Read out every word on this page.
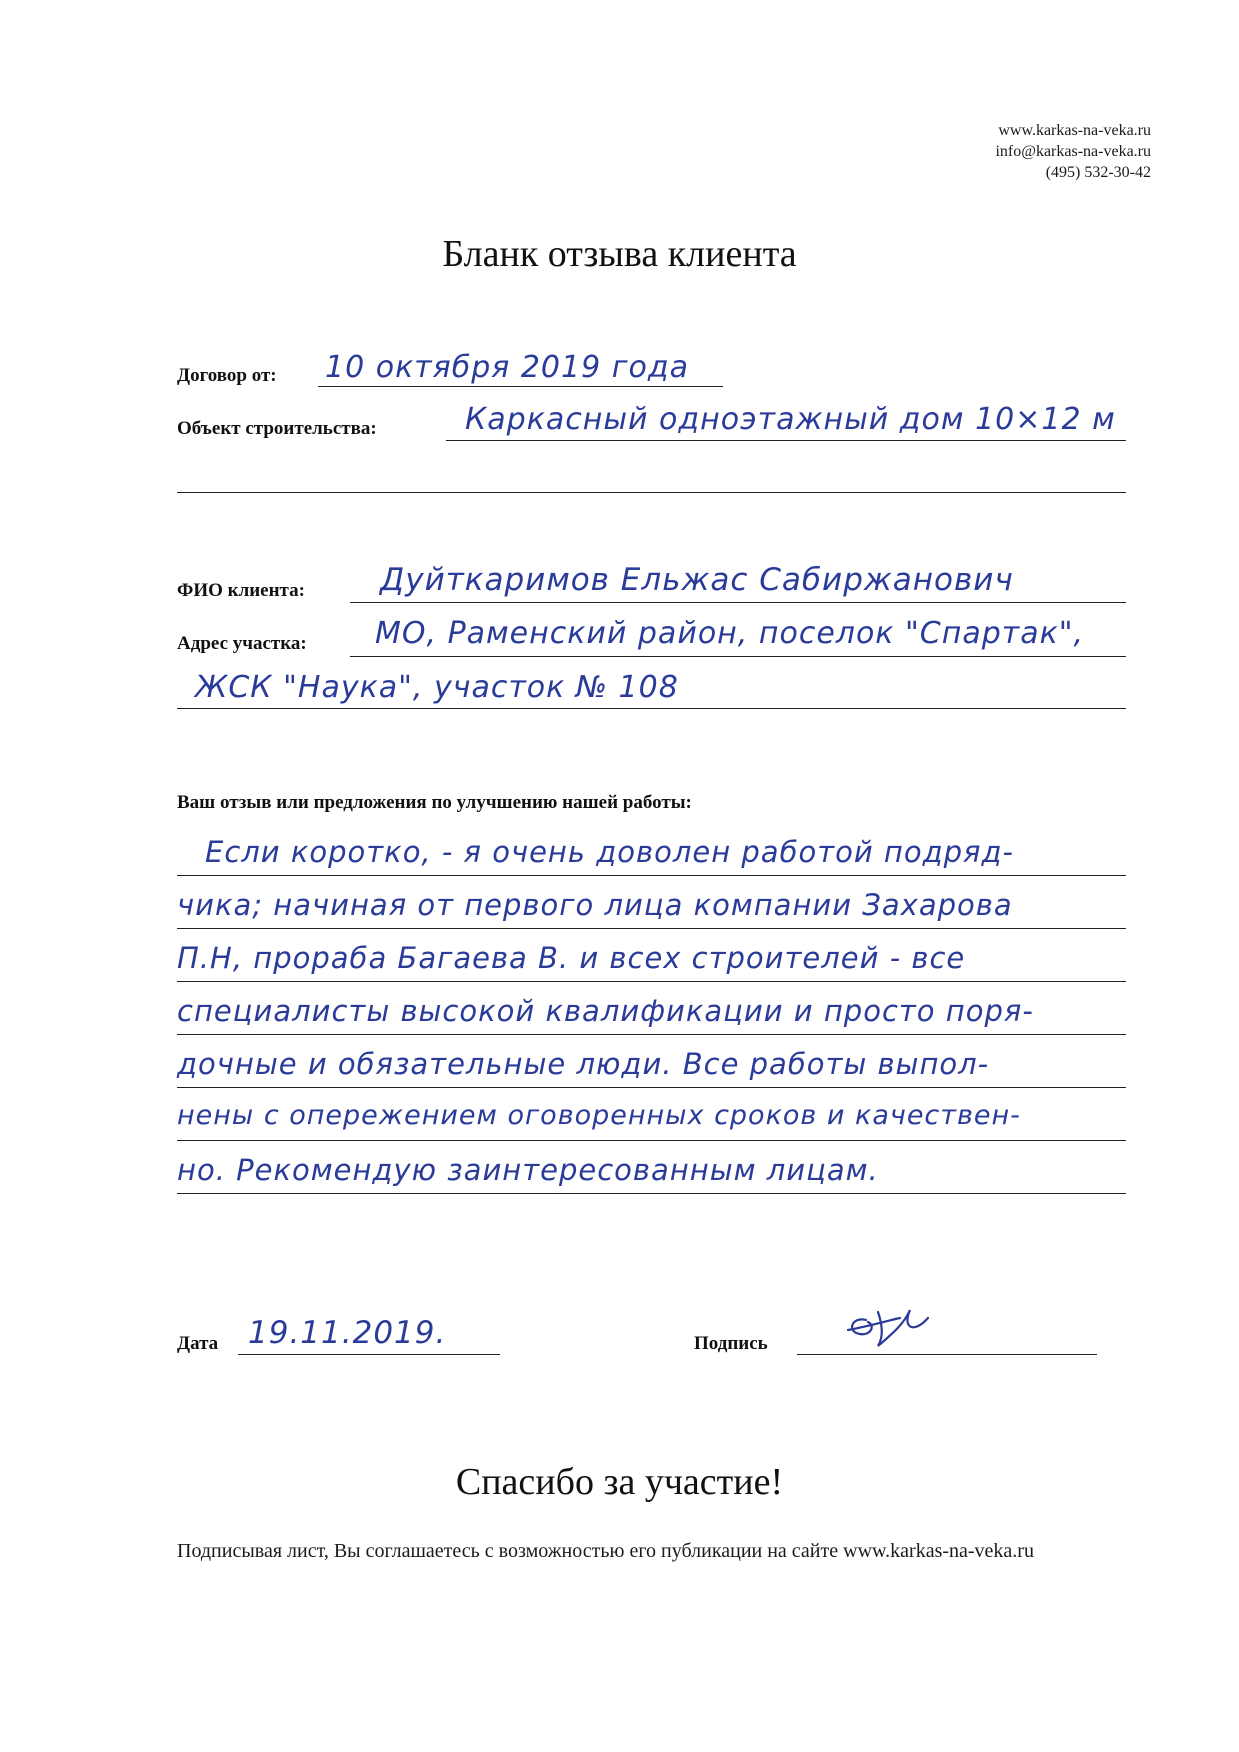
www.karkas-na-veka.ru
info@karkas-na-veka.ru
(495) 532-30-42
Бланк отзыва клиента
Договор от: 10 октября 2019 года
Объект строительства:	Каркасный одноэтажный дом 10×12 м
ФИО клиента: Дуйткаримов Ельжас Сабиржанович
Адрес участка: МО, Раменский район, поселок "Спартак",
ЖСК "Наука", участок № 108
Ваш отзыв или предложения по улучшению нашей работы:
Если коротко, - я очень доволен работой подряд-
чика; начиная от первого лица компании Захарова
П.Н, прораба Багаева В. и всех строителей - все
специалисты высокой квалификации и просто поря-
дочные и обязательные люди. Все работы выпол-
нены с опережением оговоренных сроков и качествен-
но. Рекомендую заинтересованным лицам.
Дата 19.11.2019.	Подпись
Спасибо за участие!
Подписывая лист, Вы соглашаетесь с возможностью его публикации на сайте www.karkas-na-veka.ru
